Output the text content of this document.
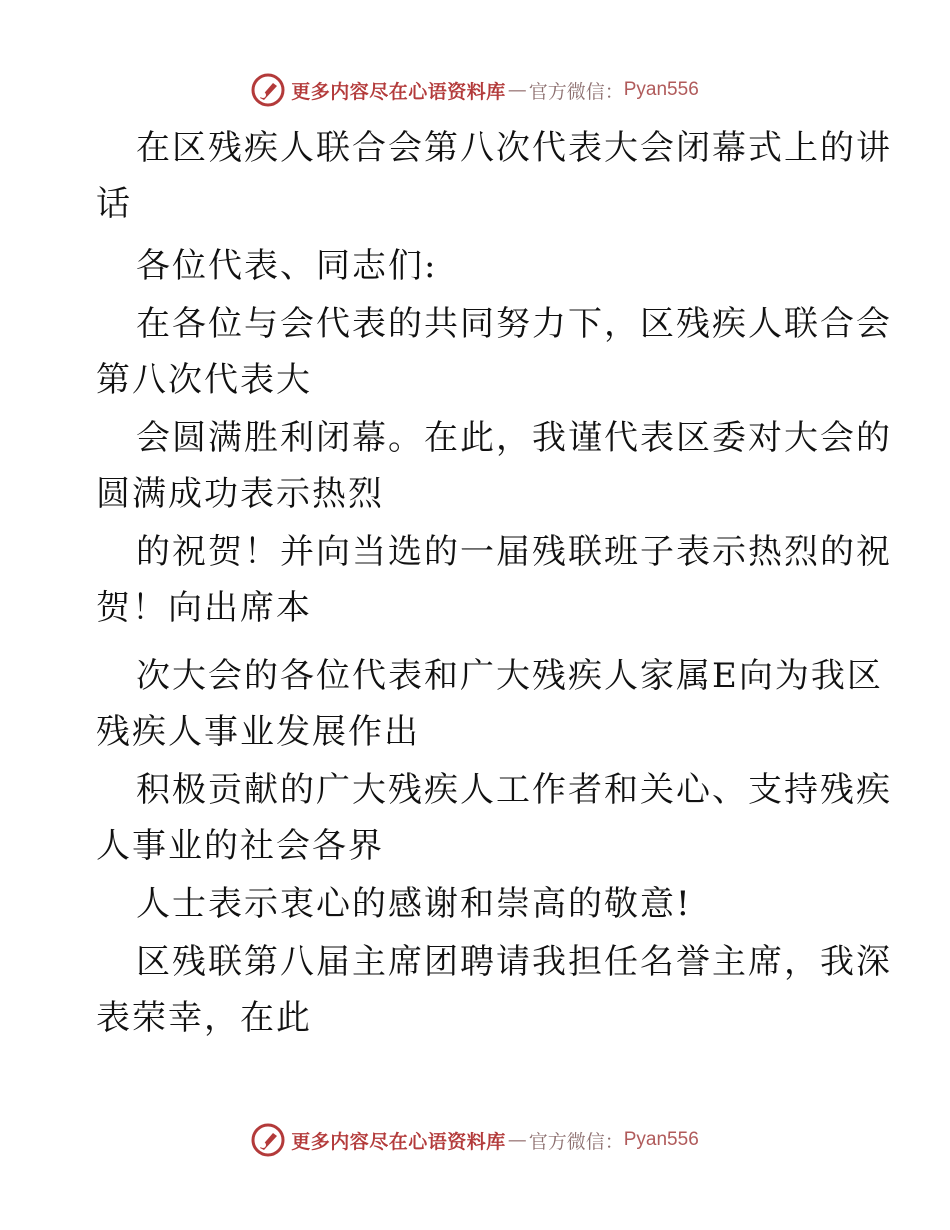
更多内容尽在心语资料库 — 官方微信： Pyan556
在区残疾人联合会第八次代表大会闭幕式上的讲
话
各位代表、同志们:
在各位与会代表的共同努力下，区残疾人联合会
第八次代表大
会圆满胜利闭幕。在此，我谨代表区委对大会的
圆满成功表示热烈
的祝贺！并向当选的一届残联班子表示热烈的祝
贺！向出席本
次大会的各位代表和广大残疾人家属E向为我区
残疾人事业发展作出
积极贡献的广大残疾人工作者和关心、支持残疾
人事业的社会各界
人士表示衷心的感谢和崇高的敬意!
区残联第八届主席团聘请我担任名誉主席，我深
表荣幸，在此
更多内容尽在心语资料库 — 官方微信： Pyan556
